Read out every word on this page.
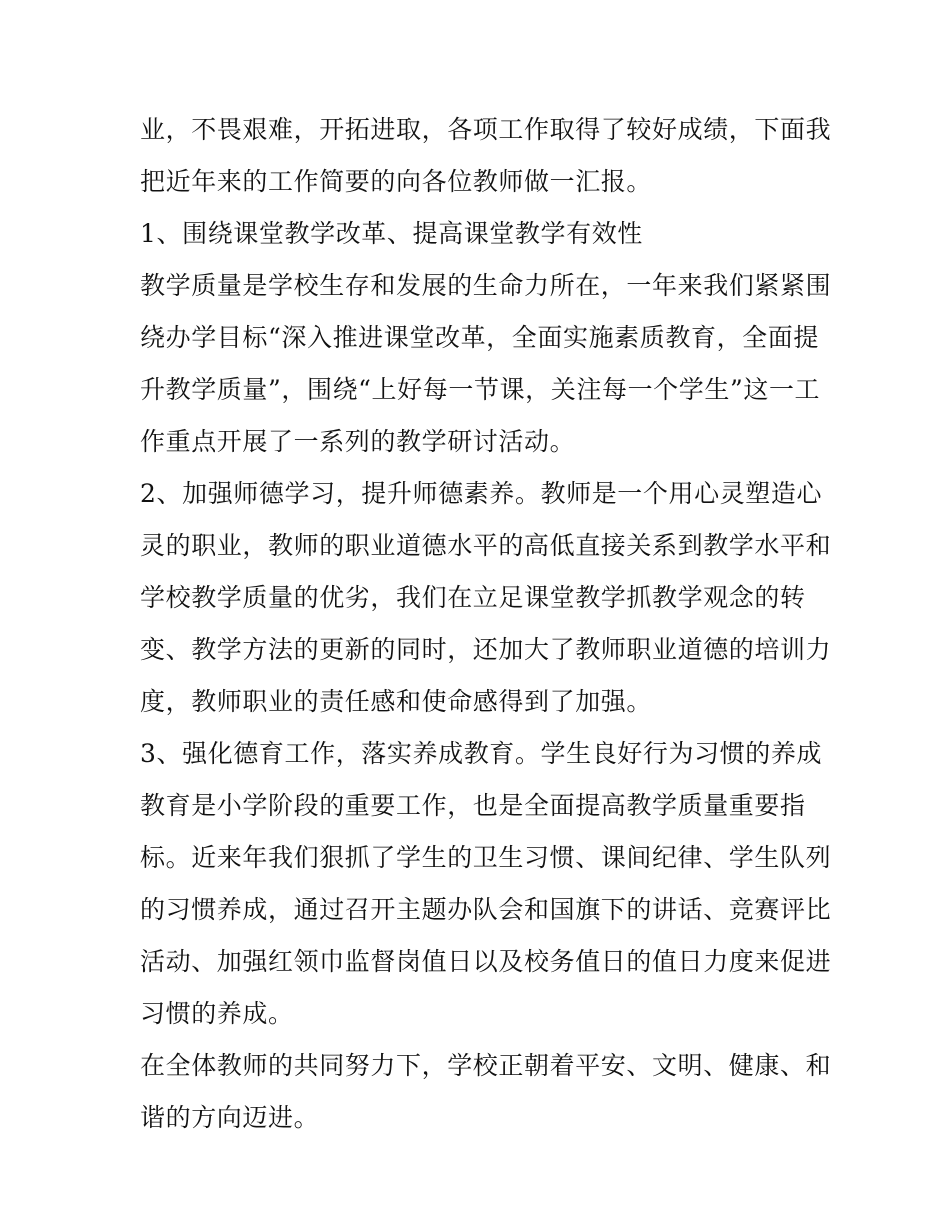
业，不畏艰难，开拓进取，各项工作取得了较好成绩，下面我
把近年来的工作简要的向各位教师做一汇报。
1、围绕课堂教学改革、提高课堂教学有效性
教学质量是学校生存和发展的生命力所在，一年来我们紧紧围
绕办学目标“深入推进课堂改革，全面实施素质教育，全面提
升教学质量”，围绕“上好每一节课，关注每一个学生”这一工
作重点开展了一系列的教学研讨活动。
2、加强师德学习，提升师德素养。教师是一个用心灵塑造心
灵的职业，教师的职业道德水平的高低直接关系到教学水平和
学校教学质量的优劣，我们在立足课堂教学抓教学观念的转
变、教学方法的更新的同时，还加大了教师职业道德的培训力
度，教师职业的责任感和使命感得到了加强。
3、强化德育工作，落实养成教育。学生良好行为习惯的养成
教育是小学阶段的重要工作，也是全面提高教学质量重要指
标。近来年我们狠抓了学生的卫生习惯、课间纪律、学生队列
的习惯养成，通过召开主题办队会和国旗下的讲话、竞赛评比
活动、加强红领巾监督岗值日以及校务值日的值日力度来促进
习惯的养成。
在全体教师的共同努力下，学校正朝着平安、文明、健康、和
谐的方向迈进。
